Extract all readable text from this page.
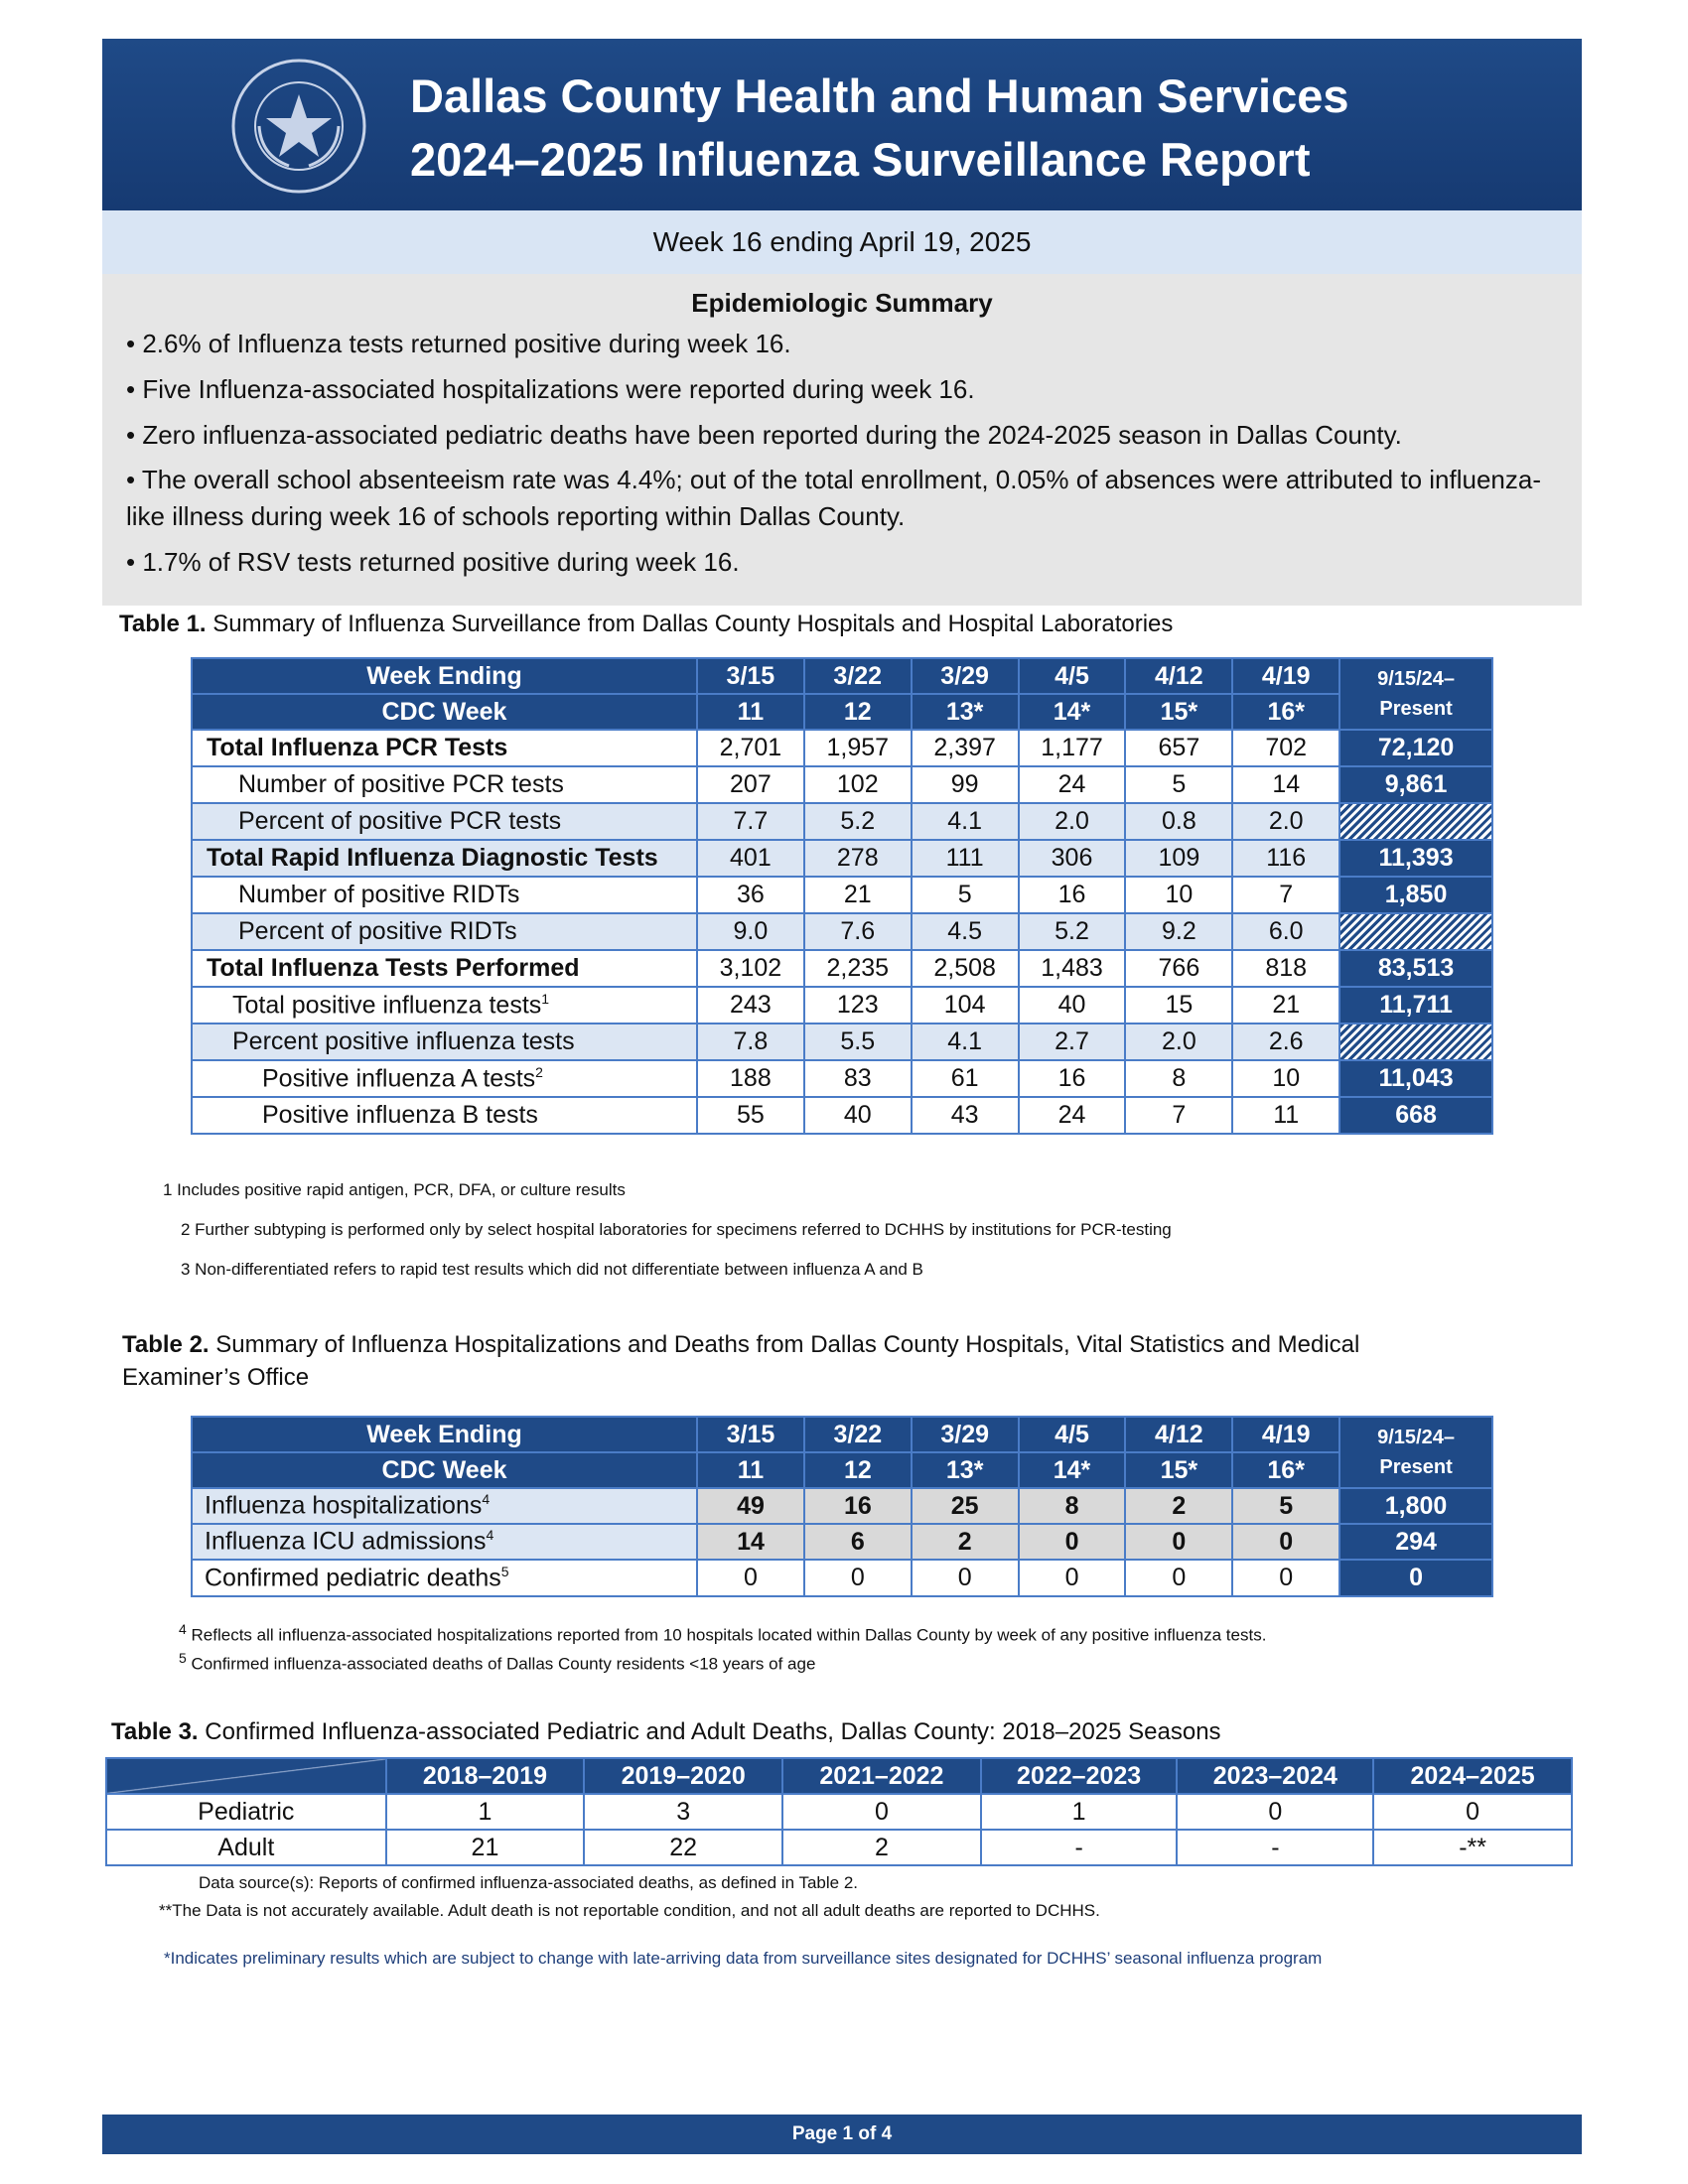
Dallas County Health and Human Services
2024–2025 Influenza Surveillance Report
Week 16 ending April 19, 2025
Epidemiologic Summary
• 2.6% of Influenza tests returned positive during week 16.
• Five Influenza-associated hospitalizations were reported during week 16.
• Zero influenza-associated pediatric deaths have been reported during the 2024-2025 season in Dallas County.
• The overall school absenteeism rate was 4.4%; out of the total enrollment, 0.05% of absences were attributed to influenza-like illness during week 16 of schools reporting within Dallas County.
• 1.7% of RSV tests returned positive during week 16.
Table 1. Summary of Influenza Surveillance from Dallas County Hospitals and Hospital Laboratories
Week Ending	3/15	3/22	3/29	4/5	4/12	4/19	9/15/24–
Present

CDC Week	11	12	13*	14*	15*	16*	
Total Influenza PCR Tests	2,701	1,957	2,397	1,177	657	702	72,120
Number of positive PCR tests	207	102	99	24	5	14	9,861
Percent of positive PCR tests	7.7	5.2	4.1	2.0	0.8	2.0	
Total Rapid Influenza Diagnostic Tests	401	278	111	306	109	116	11,393
Number of positive RIDTs	36	21	5	16	10	7	1,850
Percent of positive RIDTs	9.0	7.6	4.5	5.2	9.2	6.0	
Total Influenza Tests Performed	3,102	2,235	2,508	1,483	766	818	83,513
Total positive influenza tests$^1$	243	123	104	40	15	21	11,711
Percent positive influenza tests	7.8	5.5	4.1	2.7	2.0	2.6	
Positive influenza A tests$^2$	188	83	61	16	8	10	11,043
Positive influenza B tests	55	40	43	24	7	11	668
1 Includes positive rapid antigen, PCR, DFA, or culture results
2 Further subtyping is performed only by select hospital laboratories for specimens referred to DCHHS by institutions for PCR-testing
3 Non-differentiated refers to rapid test results which did not differentiate between influenza A and B
Table 2. Summary of Influenza Hospitalizations and Deaths from Dallas County Hospitals, Vital Statistics and Medical
Examiner’s Office
Week Ending	3/15	3/22	3/29	4/5	4/12	4/19	9/15/24–
Present

CDC Week	11	12	13*	14*	15*	16*	
Influenza hospitalizations$^4$	49	16	25	8	2	5	1,800
Influenza ICU admissions$^4$	14	6	2	0	0	0	294
Confirmed pediatric deaths$^5$	0	0	0	0	0	0	0
$^4$ Reflects all influenza-associated hospitalizations reported from 10 hospitals located within Dallas County by week of any positive influenza tests.
$^5$ Confirmed influenza-associated deaths of Dallas County residents <18 years of age
Table 3. Confirmed Influenza-associated Pediatric and Adult Deaths, Dallas County: 2018–2025 Seasons
	2018–2019	2019–2020	2021–2022	2022–2023	2023–2024	2024–2025
Pediatric	1	3	0	1	0	0
Adult	21	22	2	-	-	-**
Data source(s): Reports of confirmed influenza-associated deaths, as defined in Table 2.
**The Data is not accurately available. Adult death is not reportable condition, and not all adult deaths are reported to DCHHS.
*Indicates preliminary results which are subject to change with late-arriving data from surveillance sites designated for DCHHS’ seasonal influenza program
Page 1 of 4
